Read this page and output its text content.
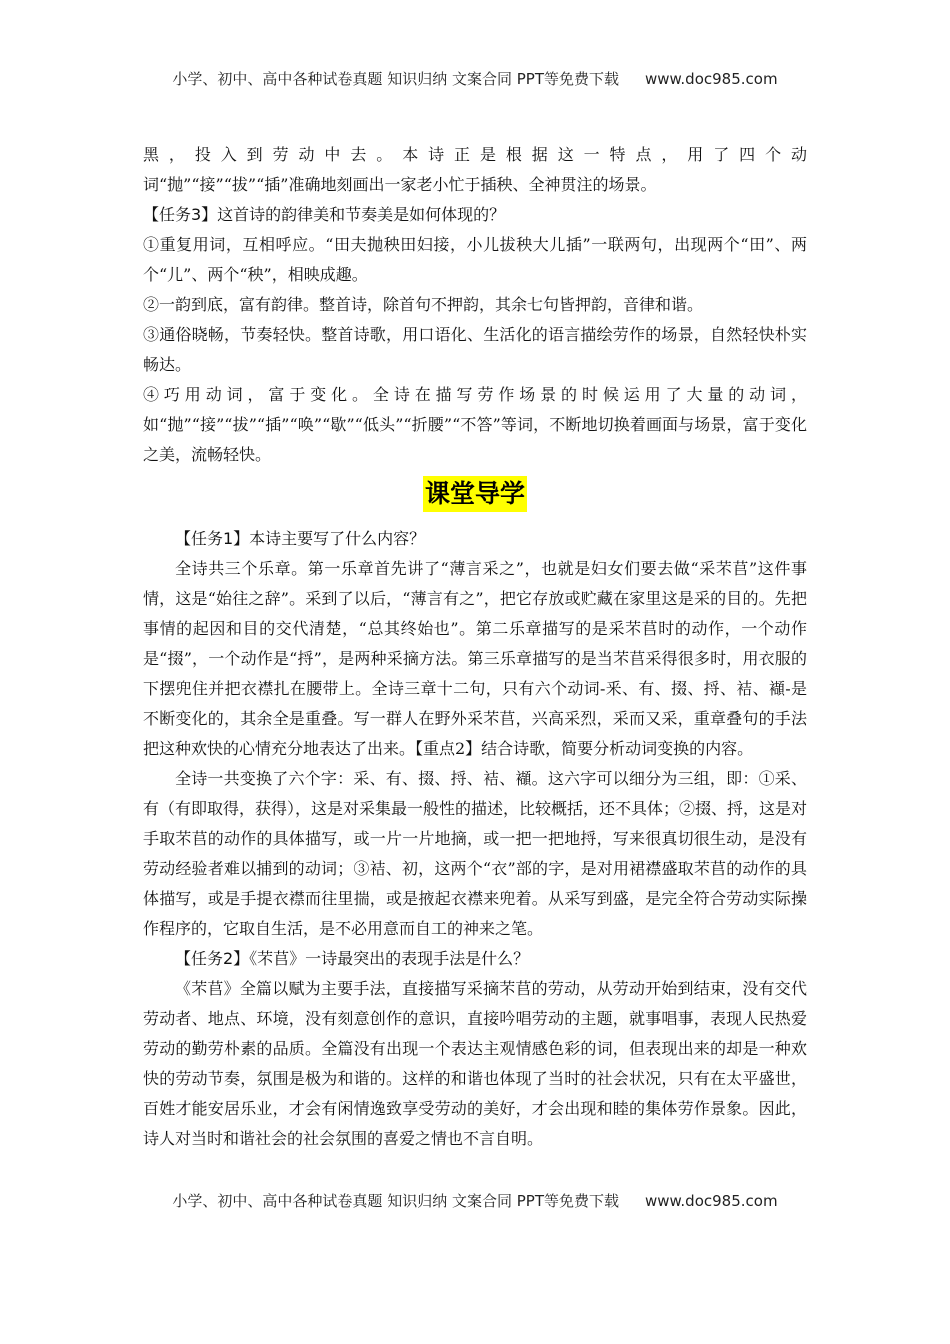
小学、初中、高中各种试卷真题 知识归纳 文案合同 PPT等免费下载 www.doc985.com

黑，投入到劳动中去。本诗正是根据这一特点，用了四个动

词“抛”“接”“拔”“插”准确地刻画出一家老小忙于插秧、全神贯注的场景。

【任务3】这首诗的韵律美和节奏美是如何体现的？

①重复用词，互相呼应。“田夫抛秧田妇接，小儿拔秧大儿插”一联两句，出现两个“田”、两个“儿”、两个“秧”，相映成趣。

②一韵到底，富有韵律。整首诗，除首句不押韵，其余七句皆押韵，音律和谐。

③通俗晓畅，节奏轻快。整首诗歌，用口语化、生活化的语言描绘劳作的场景，自然轻快朴实畅达。

④巧用动词，富于变化。全诗在描写劳作场景的时候运用了大量的动词，如“抛”“接”“拔”“插”“唤”“歇”“低头”“折腰”“不答”等词，不断地切换着画面与场景，富于变化之美，流畅轻快。

课堂导学

【任务1】本诗主要写了什么内容？

全诗共三个乐章。第一乐章首先讲了“薄言采之”，也就是妇女们要去做“采芣苢”这件事情，这是“始往之辞”。采到了以后，“薄言有之”，把它存放或贮藏在家里这是采的目的。先把事情的起因和目的交代清楚，“总其终始也”。第二乐章描写的是采芣苢时的动作，一个动作是“掇”，一个动作是“捋”，是两种采摘方法。第三乐章描写的是当芣苢采得很多时，用衣服的下摆兜住并把衣襟扎在腰带上。全诗三章十二句，只有六个动词-釆、有、掇、捋、袺、襭-是不断变化的，其余全是重叠。写一群人在野外采芣苢，兴高采烈，采而又采，重章叠句的手法把这种欢快的心情充分地表达了出来。【重点2】结合诗歌，简要分析动词变换的内容。

全诗一共变换了六个字：采、有、掇、捋、袺、襭。这六字可以细分为三组，即：①采、有（有即取得，获得），这是对采集最一般性的描述，比较概括，还不具体；②掇、捋，这是对手取芣苢的动作的具体描写，或一片一片地摘，或一把一把地捋，写来很真切很生动，是没有劳动经验者难以捕到的动词；③袺、初，这两个“衣”部的字，是对用裙襟盛取芣苢的动作的具体描写，或是手提衣襟而往里揣，或是掖起衣襟来兜着。从采写到盛，是完全符合劳动实际操作程序的，它取自生活，是不必用意而自工的神来之笔。

【任务2】《芣苢》一诗最突出的表现手法是什么？

《芣苢》全篇以赋为主要手法，直接描写采摘芣苢的劳动，从劳动开始到结束，没有交代劳动者、地点、环境，没有刻意创作的意识，直接吟唱劳动的主题，就事唱事，表现人民热爱劳动的勤劳朴素的品质。全篇没有出现一个表达主观情感色彩的词，但表现出来的却是一种欢快的劳动节奏，氛围是极为和谐的。这样的和谐也体现了当时的社会状况，只有在太平盛世，百姓才能安居乐业，才会有闲情逸致享受劳动的美好，才会出现和睦的集体劳作景象。因此，诗人对当时和谐社会的社会氛围的喜爱之情也不言自明。

小学、初中、高中各种试卷真题 知识归纳 文案合同 PPT等免费下载 www.doc985.com
